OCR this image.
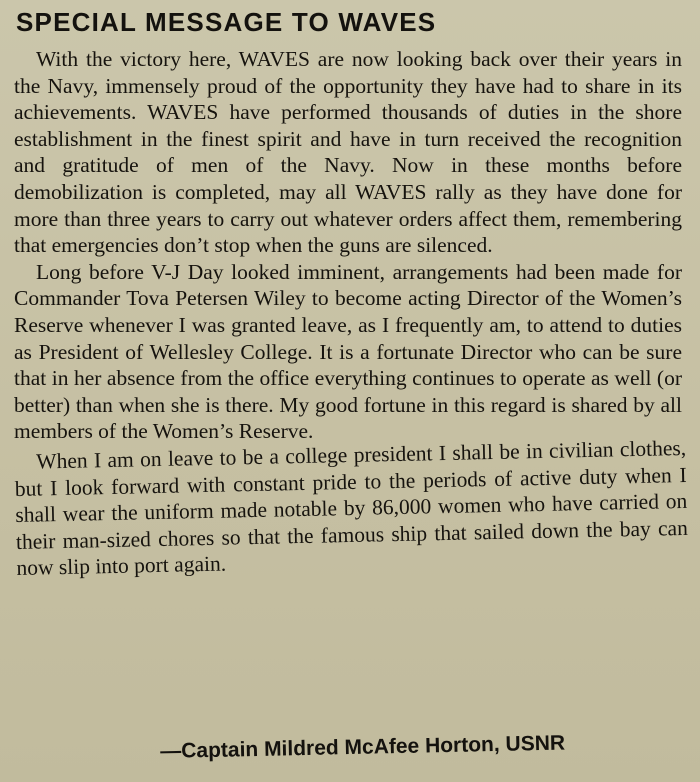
SPECIAL MESSAGE TO WAVES

With the victory here, WAVES are now looking back over their years in the Navy, immensely proud of the opportunity they have had to share in its achievements. WAVES have performed thousands of duties in the shore establishment in the finest spirit and have in turn received the recognition and gratitude of men of the Navy. Now in these months before demobilization is completed, may all WAVES rally as they have done for more than three years to carry out whatever orders affect them, remembering that emergencies don’t stop when the guns are silenced.

Long before V-J Day looked imminent, arrangements had been made for Commander Tova Petersen Wiley to become acting Director of the Women’s Reserve whenever I was granted leave, as I frequently am, to attend to duties as President of Wellesley College. It is a fortunate Director who can be sure that in her absence from the office everything continues to operate as well (or better) than when she is there. My good fortune in this regard is shared by all members of the Women’s Reserve.

When I am on leave to be a college president I shall be in civilian clothes, but I look forward with constant pride to the periods of active duty when I shall wear the uniform made notable by 86,000 women who have carried on their man-sized chores so that the famous ship that sailed down the bay can now slip into port again.

—Captain Mildred McAfee Horton, USNR
